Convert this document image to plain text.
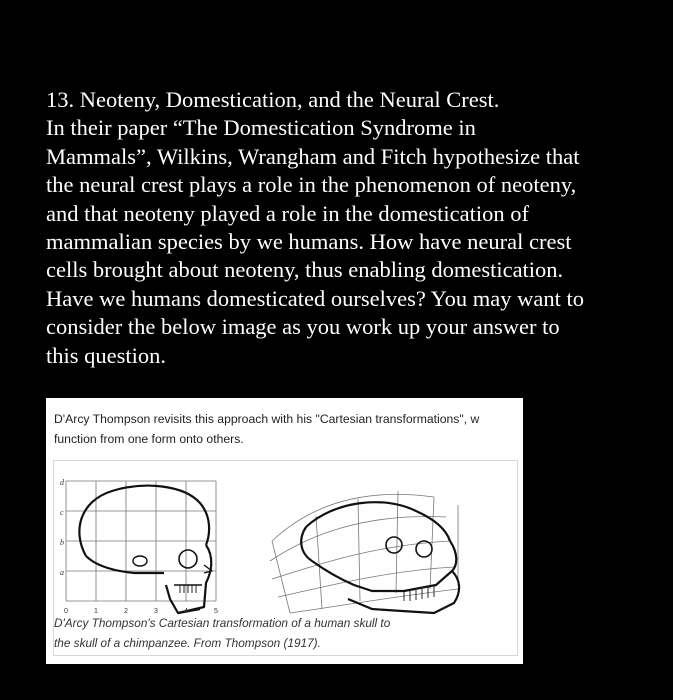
13. Neoteny, Domestication, and the Neural Crest.
In their paper “The Domestication Syndrome in
Mammals”, Wilkins, Wrangham and Fitch hypothesize that
the neural crest plays a role in the phenomenon of neoteny,
and that neoteny played a role in the domestication of
mammalian species by we humans. How have neural crest
cells brought about neoteny, thus enabling domestication.
Have we humans domesticated ourselves? You may want to
consider the below image as you work up your answer to
this question.

D'Arcy Thompson revisits this approach with his "Cartesian transformations", w
function from one form onto others.
d
c
b
a
0	1	2	3	4	5
D'Arcy Thompson's Cartesian transformation of a human skull to
the skull of a chimpanzee. From Thompson (1917).
